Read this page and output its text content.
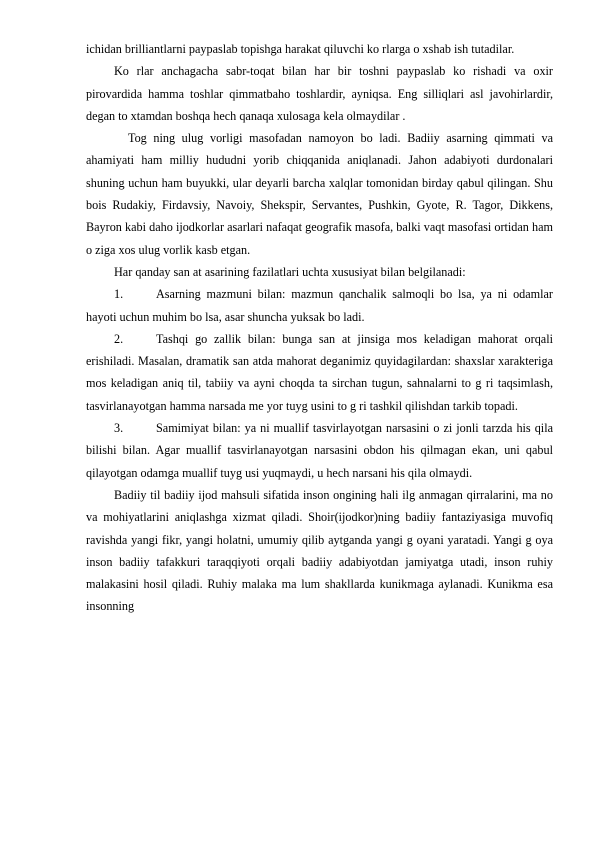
ichidan brilliantlarni paypaslab topishga harakat qiluvchi ko rlarga o xshab ish tutadilar.

Ko rlar anchagacha sabr-toqat bilan har bir toshni paypaslab ko rishadi va oxir pirovardida hamma toshlar qimmatbaho toshlardir, ayniqsa. Eng silliqlari asl javohirlardir, degan to xtamdan boshqa hech qanaqa xulosaga kela olmaydilar .

Tog ning ulug vorligi masofadan namoyon bo ladi. Badiiy asarning qimmati va ahamiyati ham milliy hududni yorib chiqqanida aniqlanadi. Jahon adabiyoti durdonalari shuning uchun ham buyukki, ular deyarli barcha xalqlar tomonidan birday qabul qilingan. Shu bois Rudakiy, Firdavsiy, Navoiy, Shekspir, Servantes, Pushkin, Gyote, R. Tagor, Dikkens, Bayron kabi daho ijodkorlar asarlari nafaqat geografik masofa, balki vaqt masofasi ortidan ham o ziga xos ulug vorlik kasb etgan.

Har qanday san at asarining fazilatlari uchta xususiyat bilan belgilanadi:

1.	Asarning mazmuni bilan: mazmun qanchalik salmoqli bo lsa, ya ni odamlar hayoti uchun muhim bo lsa, asar shuncha yuksak bo ladi.

2.	Tashqi go zallik bilan: bunga san at jinsiga mos keladigan mahorat orqali erishiladi. Masalan, dramatik san atda mahorat deganimiz quyidagilardan: shaxslar xarakteriga mos keladigan aniq til, tabiiy va ayni choqda ta sirchan tugun, sahnalarni to g ri taqsimlash, tasvirlanayotgan hamma narsada me yor tuyg usini to g ri tashkil qilishdan tarkib topadi.

3.	Samimiyat bilan: ya ni muallif tasvirlayotgan narsasini o zi jonli tarzda his qila bilishi bilan. Agar muallif tasvirlanayotgan narsasini obdon his qilmagan ekan, uni qabul qilayotgan odamga muallif tuyg usi yuqmaydi, u hech narsani his qila olmaydi.

Badiiy til badiiy ijod mahsuli sifatida inson ongining hali ilg anmagan qirralarini, ma no va mohiyatlarini aniqlashga xizmat qiladi. Shoir(ijodkor)ning badiiy fantaziyasiga muvofiq ravishda yangi fikr, yangi holatni, umumiy qilib aytganda yangi g oyani yaratadi. Yangi g oya inson badiiy tafakkuri taraqqiyoti orqali badiiy adabiyotdan jamiyatga utadi, inson ruhiy malakasini hosil qiladi. Ruhiy malaka ma lum shakllarda kunikmaga aylanadi. Kunikma esa insonning
